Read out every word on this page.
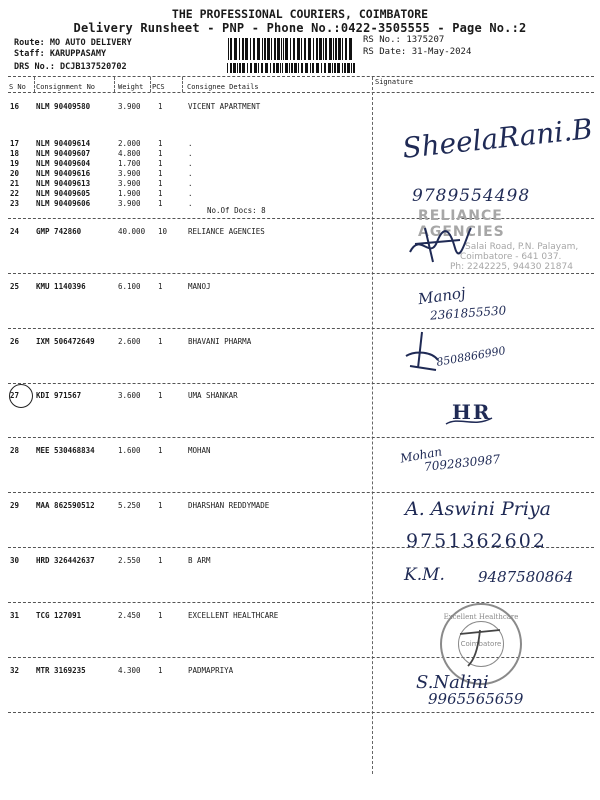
THE PROFESSIONAL COURIERS, COIMBATORE
Delivery Runsheet - PNP - Phone No.:0422-3505555 - Page No.:2
Route: MO AUTO DELIVERY
Staff: KARUPPASAMY
DRS No.: DCJB137520702
RS No.: 1375207
RS Date: 31-May-2024
S No Consignment No	Weight PCS	Consignee Details
Signature
16 NLM 90409580	3.900 1	VICENT APARTMENT
17 NLM 90409614	2.000 1	.
18 NLM 90409607	4.800 1	.
19 NLM 90409604	1.700 1	.
20 NLM 90409616	3.900 1	.
21 NLM 90409613	3.900 1	.
22 NLM 90409605	1.900 1	.
23 NLM 90409606	3.900 1	.
24 GMP 742860	40.000 10	RELIANCE AGENCIES
25 KMU 1140396	6.100 1	MANOJ
26 IXM 506472649	2.600 1	BHAVANI PHARMA
27 KDI 971567	3.600 1	UMA SHANKAR
28 MEE 530468834	1.600 1	MOHAN
29 MAA 862590512	5.250 1	DHARSHAN REDDYMADE
30 HRD 326442637	2.550 1	B ARM
31 TCG 127091	2.450 1	EXCELLENT HEALTHCARE
32 MTR 3169235	4.300 1	PADMAPRIYA
No.Of Docs: 8
SheelaRani.B
9789554498
RELIANCE AGENCIES
Salai Road, P.N. Palayam,
Coimbatore - 641 037.
Ph: 2242225, 94430 21874
Manoj
2361855530
8508866990
HR
Mohan
7092830987
A. Aswini Priya
9751362602
K.M. 9487580864
Excellent Healthcare
Coimbatore
S.Nalini
9965565659
